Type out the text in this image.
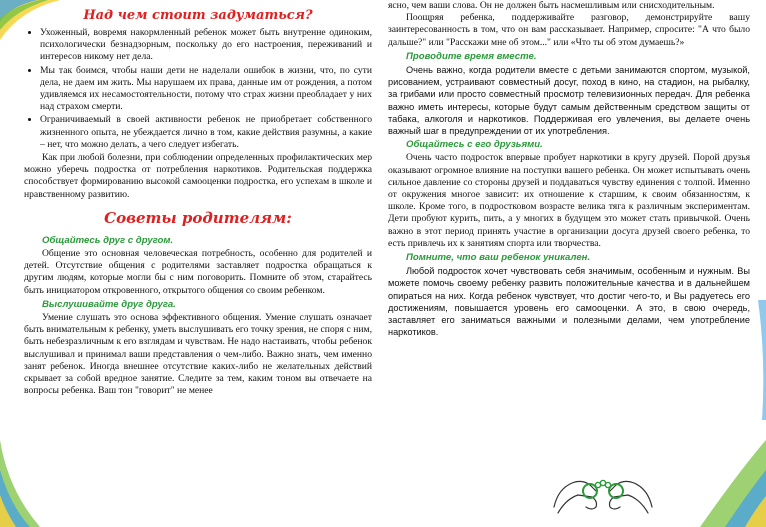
Над чем стоит задуматься?
• Ухоженный, вовремя накормленный ребенок может быть внутренне одиноким, психологически безнадзорным, поскольку до его настроения, переживаний и интересов никому нет дела.
• Мы так боимся, чтобы наши дети не наделали ошибок в жизни, что, по сути дела, не даем им жить. Мы нарушаем их права, данные им от рождения, а потом удивляемся их несамостоятельности, потому что страх жизни преобладает у них над страхом смерти.
• Ограничиваемый в своей активности ребенок не приобретает собственного жизненного опыта, не убеждается лично в том, какие действия разумны, а какие – нет, что можно делать, а чего следует избегать.

Как при любой болезни, при соблюдении определенных профилактических мер можно уберечь подростка от потребления наркотиков. Родительская поддержка способствует формированию высокой самооценки подростка, его успехам в школе и нравственному развитию.

Советы родителям:
Общайтесь друг с другом.

Общение это основная человеческая потребность, особенно для родителей и детей. Отсутствие общения с родителями заставляет подростка обращаться к другим людям, которые могли бы с ним поговорить. Помните об этом, старайтесь быть инициатором откровенного, открытого общения со своим ребенком.

Выслушивайте друг друга.

Умение слушать это основа эффективного общения. Умение слушать означает быть внимательным к ребенку, уметь выслушивать его точку зрения, не споря с ним, быть небезразличным к его взглядам и чувствам. Не надо настаивать, чтобы ребенок выслушивал и принимал ваши представления о чем-либо. Важно знать, чем именно занят ребенок. Иногда внешнее отсутствие каких-либо не желательных действий скрывает за собой вредное занятие. Следите за тем, каким тоном вы отвечаете на вопросы ребенка. Ваш тон "говорит" не менее

ясно, чем ваши слова. Он не должен быть насмешливым или снисходительным.

Поощряя ребенка, поддерживайте разговор, демонстрируйте вашу заинтересованность в том, что он вам рассказывает. Например, спросите: "А что было дальше?" или "Расскажи мне об этом..." или «Что ты об этом думаешь?»

Проводите время вместе.

Очень важно, когда родители вместе с детьми занимаются спортом, музыкой, рисованием, устраивают совместный досуг, поход в кино, на стадион, на рыбалку, за грибами или просто совместный просмотр телевизионных передач. Для ребенка важно иметь интересы, которые будут самым действенным средством защиты от табака, алкоголя и наркотиков. Поддерживая его увлечения, вы делаете очень важный шаг в предупреждении от их употребления.

Общайтесь с его друзьями.

Очень часто подросток впервые пробует наркотики в кругу друзей. Порой друзья оказывают огромное влияние на поступки вашего ребенка. Он может испытывать очень сильное давление со стороны друзей и поддаваться чувству единения с толпой. Именно от окружения многое зависит: их отношение к старшим, к своим обязанностям, к школе. Кроме того, в подростковом возрасте велика тяга к различным экспериментам. Дети пробуют курить, пить, а у многих в будущем это может стать привычкой. Очень важно в этот период принять участие в организации досуга друзей своего ребенка, то есть привлечь их к занятиям спорта или творчества.

Помните, что ваш ребенок уникален.

Любой подросток хочет чувствовать себя значимым, особенным и нужным. Вы можете помочь своему ребенку развить положительные качества и в дальнейшем опираться на них. Когда ребенок чувствует, что достиг чего-то, и Вы радуетесь его достижениям, повышается уровень его самооценки. А это, в свою очередь, заставляет его заниматься важными и полезными делами, чем употребление наркотиков.
